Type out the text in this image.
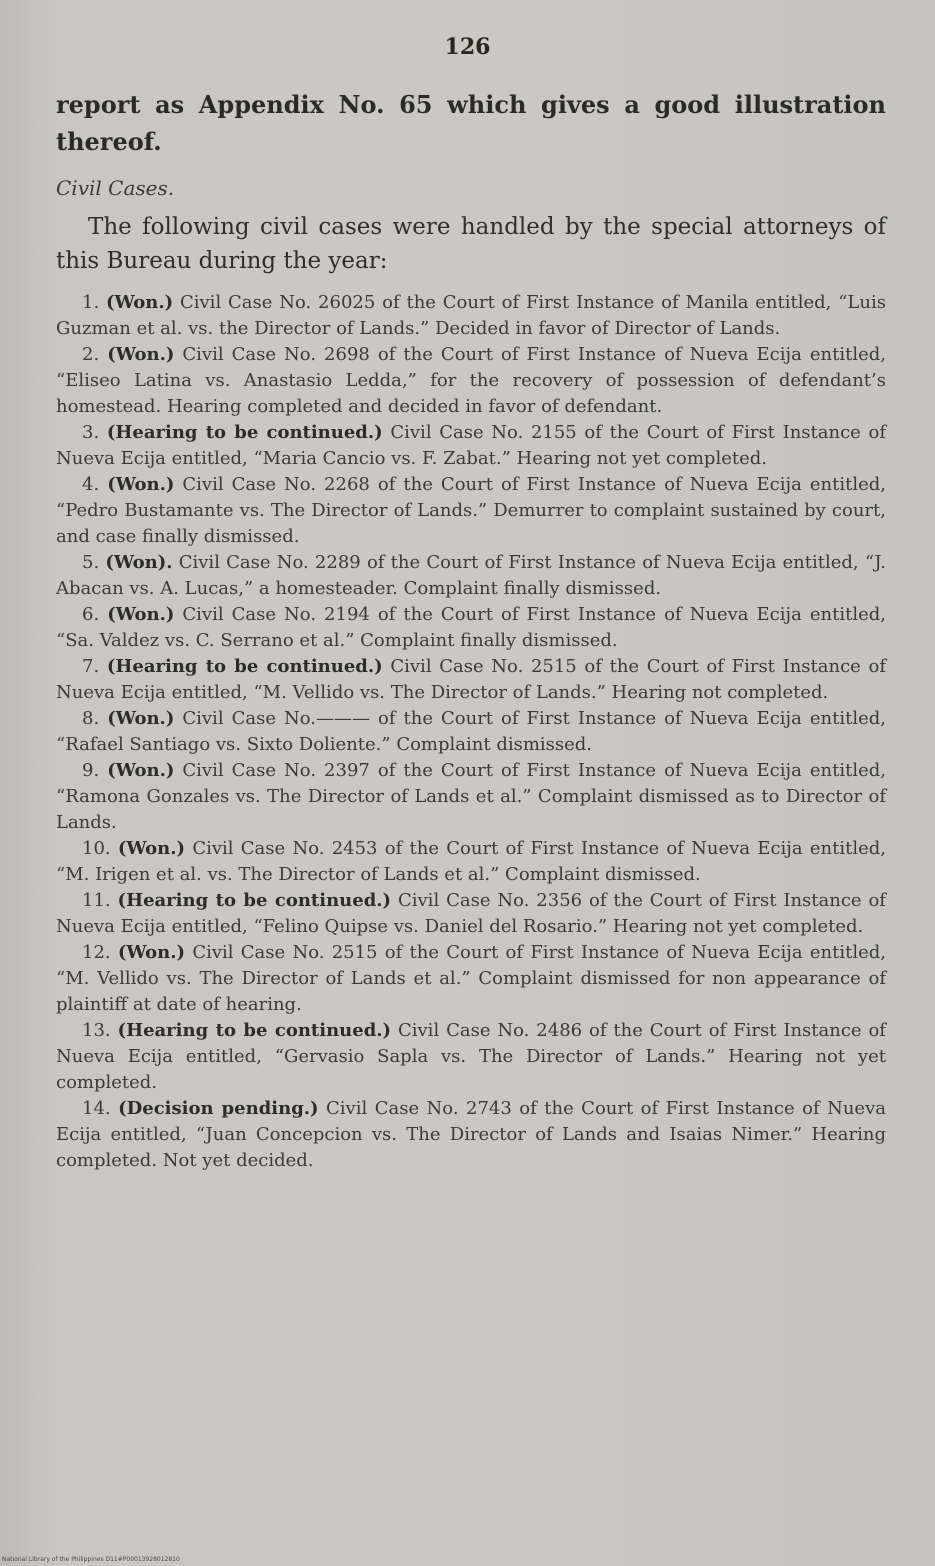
126
report as Appendix No. 65 which gives a good illustration thereof.
Civil Cases.
The following civil cases were handled by the special attorneys of this Bureau during the year:

1. (Won.) Civil Case No. 26025 of the Court of First Instance of Manila entitled, “Luis Guzman et al. vs. the Director of Lands.” Decided in favor of Director of Lands.

2. (Won.) Civil Case No. 2698 of the Court of First Instance of Nueva Ecija entitled, “Eliseo Latina vs. Anastasio Ledda,” for the recovery of possession of defendant’s homestead. Hearing completed and decided in favor of defendant.

3. (Hearing to be continued.) Civil Case No. 2155 of the Court of First Instance of Nueva Ecija entitled, “Maria Cancio vs. F. Zabat.” Hearing not yet completed.

4. (Won.) Civil Case No. 2268 of the Court of First Instance of Nueva Ecija entitled, “Pedro Bustamante vs. The Director of Lands.” Demurrer to complaint sustained by court, and case finally dismissed.

5. (Won). Civil Case No. 2289 of the Court of First Instance of Nueva Ecija entitled, “J. Abacan vs. A. Lucas,” a homesteader. Complaint finally dismissed.

6. (Won.) Civil Case No. 2194 of the Court of First Instance of Nueva Ecija entitled, “Sa. Valdez vs. C. Serrano et al.” Complaint finally dismissed.

7. (Hearing to be continued.) Civil Case No. 2515 of the Court of First Instance of Nueva Ecija entitled, “M. Vellido vs. The Director of Lands.” Hearing not completed.

8. (Won.) Civil Case No.——— of the Court of First Instance of Nueva Ecija entitled, “Rafael Santiago vs. Sixto Doliente.” Complaint dismissed.

9. (Won.) Civil Case No. 2397 of the Court of First Instance of Nueva Ecija entitled, “Ramona Gonzales vs. The Director of Lands et al.” Complaint dismissed as to Director of Lands.

10. (Won.) Civil Case No. 2453 of the Court of First Instance of Nueva Ecija entitled, “M. Irigen et al. vs. The Director of Lands et al.” Complaint dismissed.

11. (Hearing to be continued.) Civil Case No. 2356 of the Court of First Instance of Nueva Ecija entitled, “Felino Quipse vs. Daniel del Rosario.” Hearing not yet completed.

12. (Won.) Civil Case No. 2515 of the Court of First Instance of Nueva Ecija entitled, “M. Vellido vs. The Director of Lands et al.” Complaint dismissed for non appearance of plaintiff at date of hearing.

13. (Hearing to be continued.) Civil Case No. 2486 of the Court of First Instance of Nueva Ecija entitled, “Gervasio Sapla vs. The Director of Lands.” Hearing not yet completed.

14. (Decision pending.) Civil Case No. 2743 of the Court of First Instance of Nueva Ecija entitled, “Juan Concepcion vs. The Director of Lands and Isaias Nimer.” Hearing completed. Not yet decided.

National Library of the Philippines D11#P00013928012810
